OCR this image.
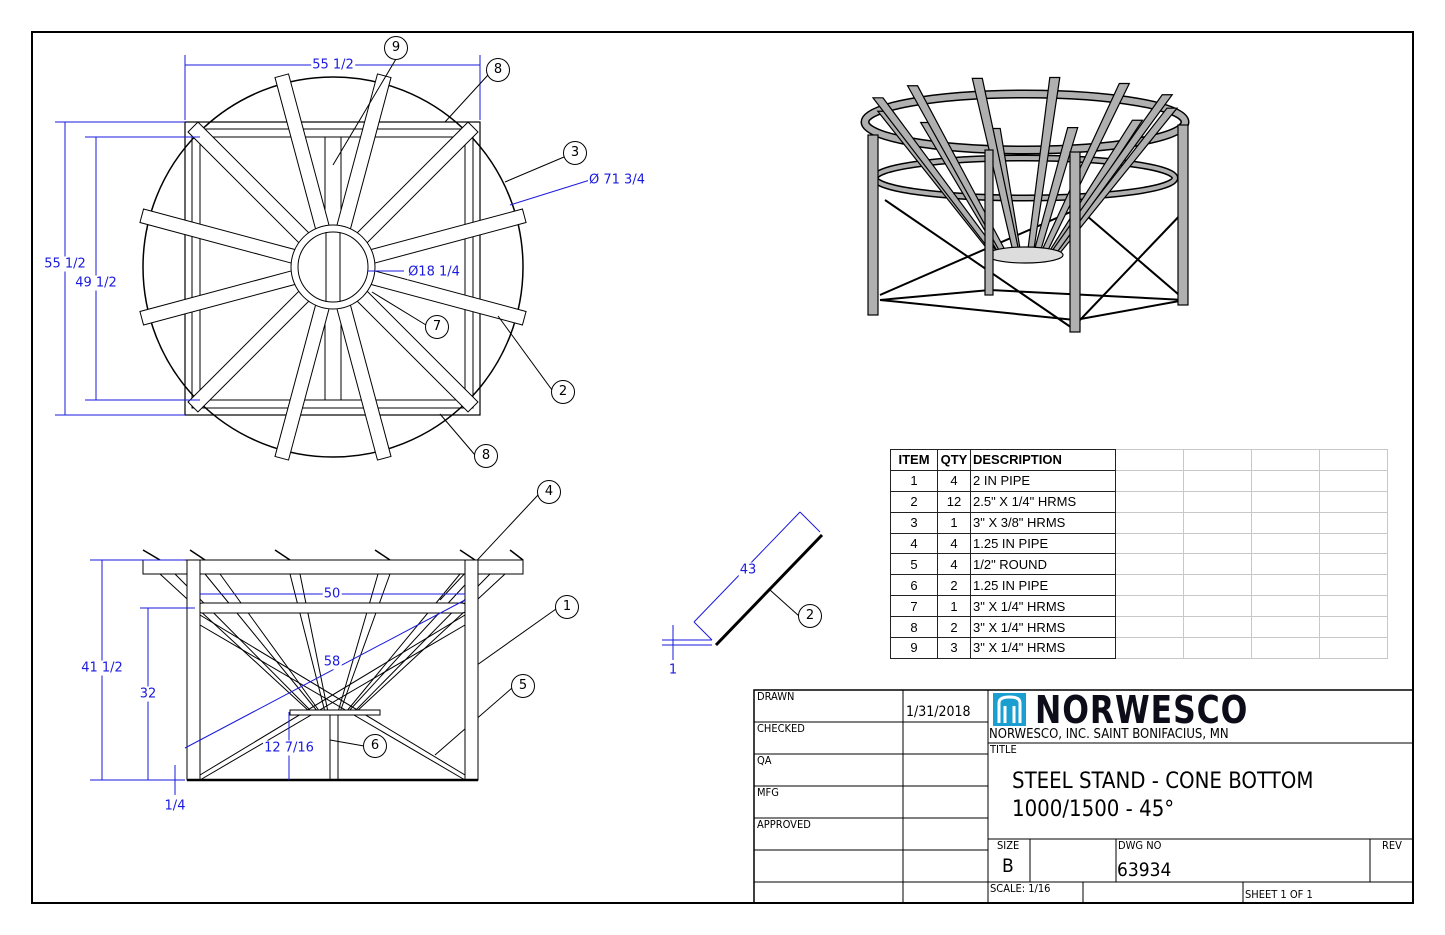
55 1/2
Ø 71 3/4
55 1/2
49 1/2
Ø18 1/4
50
58
41 1/2
32
12 7/16
1/4
43
1
9
8
3
7
2
8
4
1
5
6
2
ITEM	QTY	DESCRIPTION				
1	4	2 IN PIPE				
2	12	2.5" X 1/4" HRMS				
3	1	3" X 3/8" HRMS				
4	4	1.25 IN PIPE				
5	4	1/2" ROUND				
6	2	1.25 IN PIPE				
7	1	3" X 1/4" HRMS				
8	2	3" X 1/4" HRMS				
9	3	3" X 1/4" HRMS				
DRAWN
1/31/2018
CHECKED
QA
MFG
APPROVED
NORWESCO
NORWESCO, INC. SAINT BONIFACIUS, MN
TITLE
STEEL STAND - CONE BOTTOM
1000/1500 - 45°
SIZE
B
DWG NO
63934
REV
SCALE: 1/16	SHEET 1 OF 1
